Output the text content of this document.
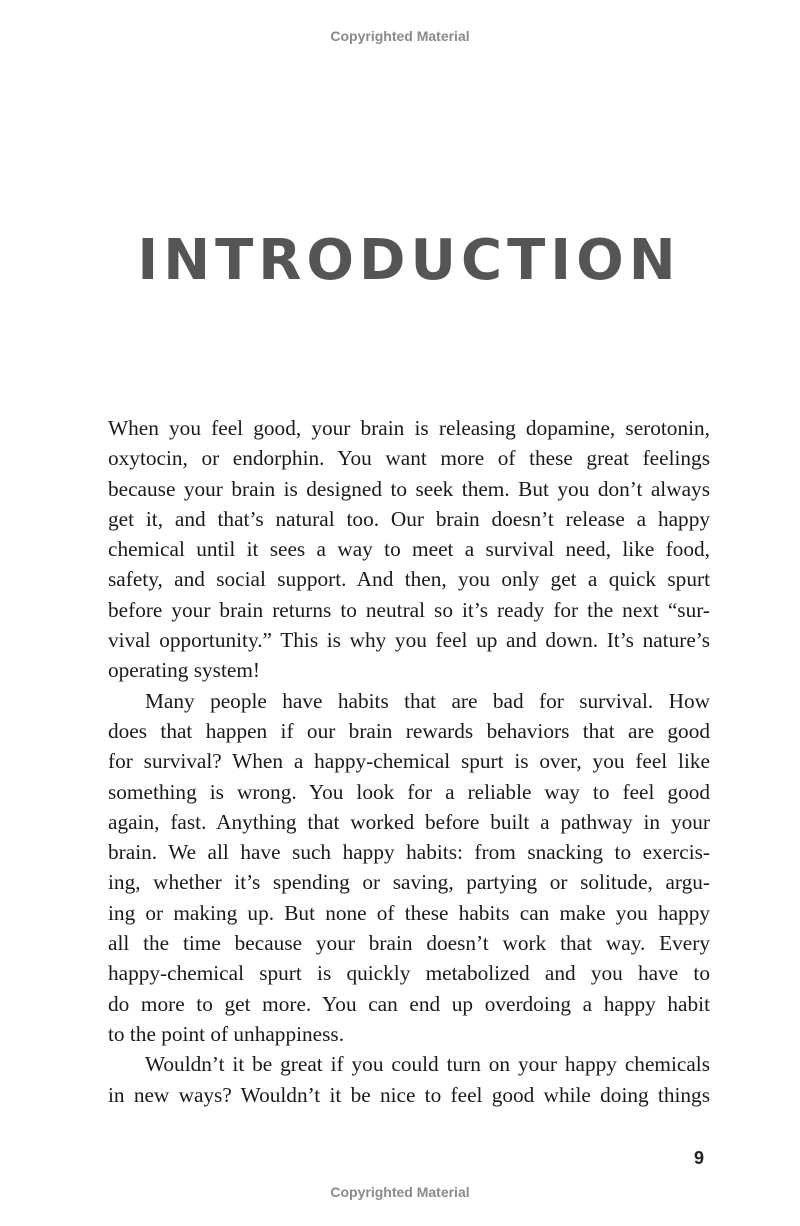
Copyrighted Material
INTRODUCTION
When you feel good, your brain is releasing dopamine, serotonin,
oxytocin, or endorphin. You want more of these great feelings
because your brain is designed to seek them. But you don’t always
get it, and that’s natural too. Our brain doesn’t release a happy
chemical until it sees a way to meet a survival need, like food,
safety, and social support. And then, you only get a quick spurt
before your brain returns to neutral so it’s ready for the next “sur-
vival opportunity.” This is why you feel up and down. It’s nature’s
operating system!
Many people have habits that are bad for survival. How
does that happen if our brain rewards behaviors that are good
for survival? When a happy-chemical spurt is over, you feel like
something is wrong. You look for a reliable way to feel good
again, fast. Anything that worked before built a pathway in your
brain. We all have such happy habits: from snacking to exercis-
ing, whether it’s spending or saving, partying or solitude, argu-
ing or making up. But none of these habits can make you happy
all the time because your brain doesn’t work that way. Every
happy-chemical spurt is quickly metabolized and you have to
do more to get more. You can end up overdoing a happy habit
to the point of unhappiness.
Wouldn’t it be great if you could turn on your happy chemicals
in new ways? Wouldn’t it be nice to feel good while doing things
9
Copyrighted Material
